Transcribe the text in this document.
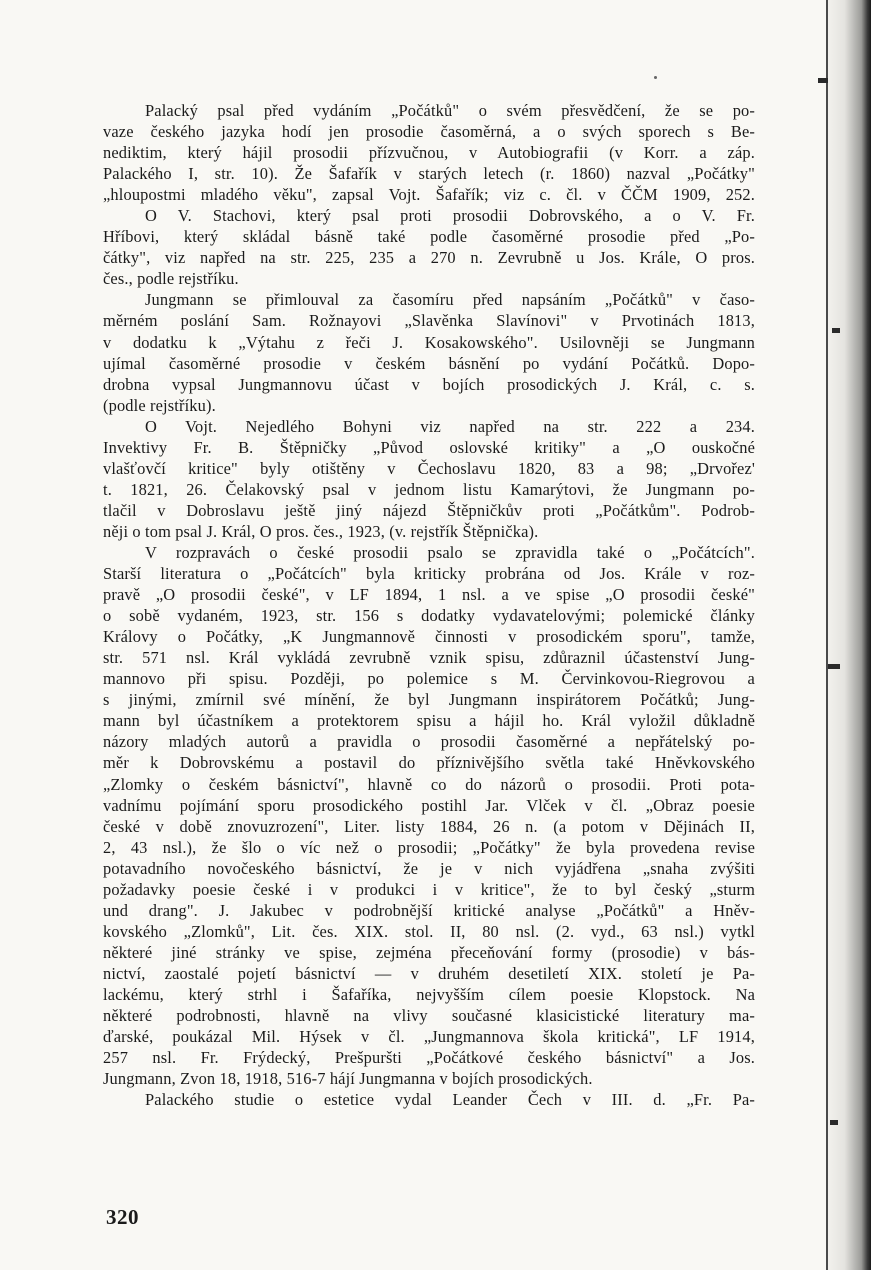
Palacký psal před vydáním „Počátků" o svém přesvědčení, že se po-
vaze českého jazyka hodí jen prosodie časoměrná, a o svých sporech s Be-
nediktim, který hájil prosodii přízvučnou, v Autobiografii (v Korr. a záp.
Palackého I, str. 10). Že Šafařík v starých letech (r. 1860) nazval „Počátky"
„hloupostmi mladého věku", zapsal Vojt. Šafařík; viz c. čl. v ČČM 1909, 252.
O V. Stachovi, který psal proti prosodii Dobrovského, a o V. Fr.
Hříbovi, který skládal básně také podle časoměrné prosodie před „Po-
čátky", viz napřed na str. 225, 235 a 270 n. Zevrubně u Jos. Krále, O pros.
čes., podle rejstříku.
Jungmann se přimlouval za časomíru před napsáním „Počátků" v časo-
měrném poslání Sam. Rožnayovi „Slavěnka Slavínovi" v Prvotinách 1813,
v dodatku k „Výtahu z řeči J. Kosakowského". Usilovněji se Jungmann
ujímal časoměrné prosodie v českém básnění po vydání Počátků. Dopo-
drobna vypsal Jungmannovu účast v bojích prosodických J. Král, c. s.
(podle rejstříku).
O Vojt. Nejedlého Bohyni viz napřed na str. 222 a 234.
Invektivy Fr. B. Štěpničky „Původ oslovské kritiky" a „O ouskočné
vlašťovčí kritice" byly otištěny v Čechoslavu 1820, 83 a 98; „Drvořez'
t. 1821, 26. Čelakovský psal v jednom listu Kamarýtovi, že Jungmann po-
tlačil v Dobroslavu ještě jiný nájezd Štěpničkův proti „Počátkům". Podrob-
něji o tom psal J. Král, O pros. čes., 1923, (v. rejstřík Štěpnička).
V rozpravách o české prosodii psalo se zpravidla také o „Počátcích".
Starší literatura o „Počátcích" byla kriticky probrána od Jos. Krále v roz-
pravě „O prosodii české", v LF 1894, 1 nsl. a ve spise „O prosodii české"
o sobě vydaném, 1923, str. 156 s dodatky vydavatelovými; polemické články
Královy o Počátky, „K Jungmannově činnosti v prosodickém sporu", tamže,
str. 571 nsl. Král vykládá zevrubně vznik spisu, zdůraznil účastenství Jung-
mannovo při spisu. Později, po polemice s M. Červinkovou-Riegrovou a
s jinými, zmírnil své mínění, že byl Jungmann inspirátorem Počátků; Jung-
mann byl účastníkem a protektorem spisu a hájil ho. Král vyložil důkladně
názory mladých autorů a pravidla o prosodii časoměrné a nepřátelský po-
měr k Dobrovskému a postavil do příznivějšího světla také Hněvkovského
„Zlomky o českém básnictví", hlavně co do názorů o prosodii. Proti pota-
vadnímu pojímání sporu prosodického postihl Jar. Vlček v čl. „Obraz poesie
české v době znovuzrození", Liter. listy 1884, 26 n. (a potom v Dějinách II,
2, 43 nsl.), že šlo o víc než o prosodii; „Počátky" že byla provedena revise
potavadního novočeského básnictví, že je v nich vyjádřena „snaha zvýšiti
požadavky poesie české i v produkci i v kritice", že to byl český „sturm
und drang". J. Jakubec v podrobnější kritické analyse „Počátků" a Hněv-
kovského „Zlomků", Lit. čes. XIX. stol. II, 80 nsl. (2. vyd., 63 nsl.) vytkl
některé jiné stránky ve spise, zejména přeceňování formy (prosodie) v bás-
nictví, zaostalé pojetí básnictví — v druhém desetiletí XIX. století je Pa-
lackému, který strhl i Šafaříka, nejvyšším cílem poesie Klopstock. Na
některé podrobnosti, hlavně na vlivy současné klasicistické literatury ma-
ďarské, poukázal Mil. Hýsek v čl. „Jungmannova škola kritická", LF 1914,
257 nsl. Fr. Frýdecký, Prešpuršti „Počátkové českého básnictví" a Jos.
Jungmann, Zvon 18, 1918, 516-7 hájí Jungmanna v bojích prosodických.
Palackého studie o estetice vydal Leander Čech v III. d. „Fr. Pa-
320
